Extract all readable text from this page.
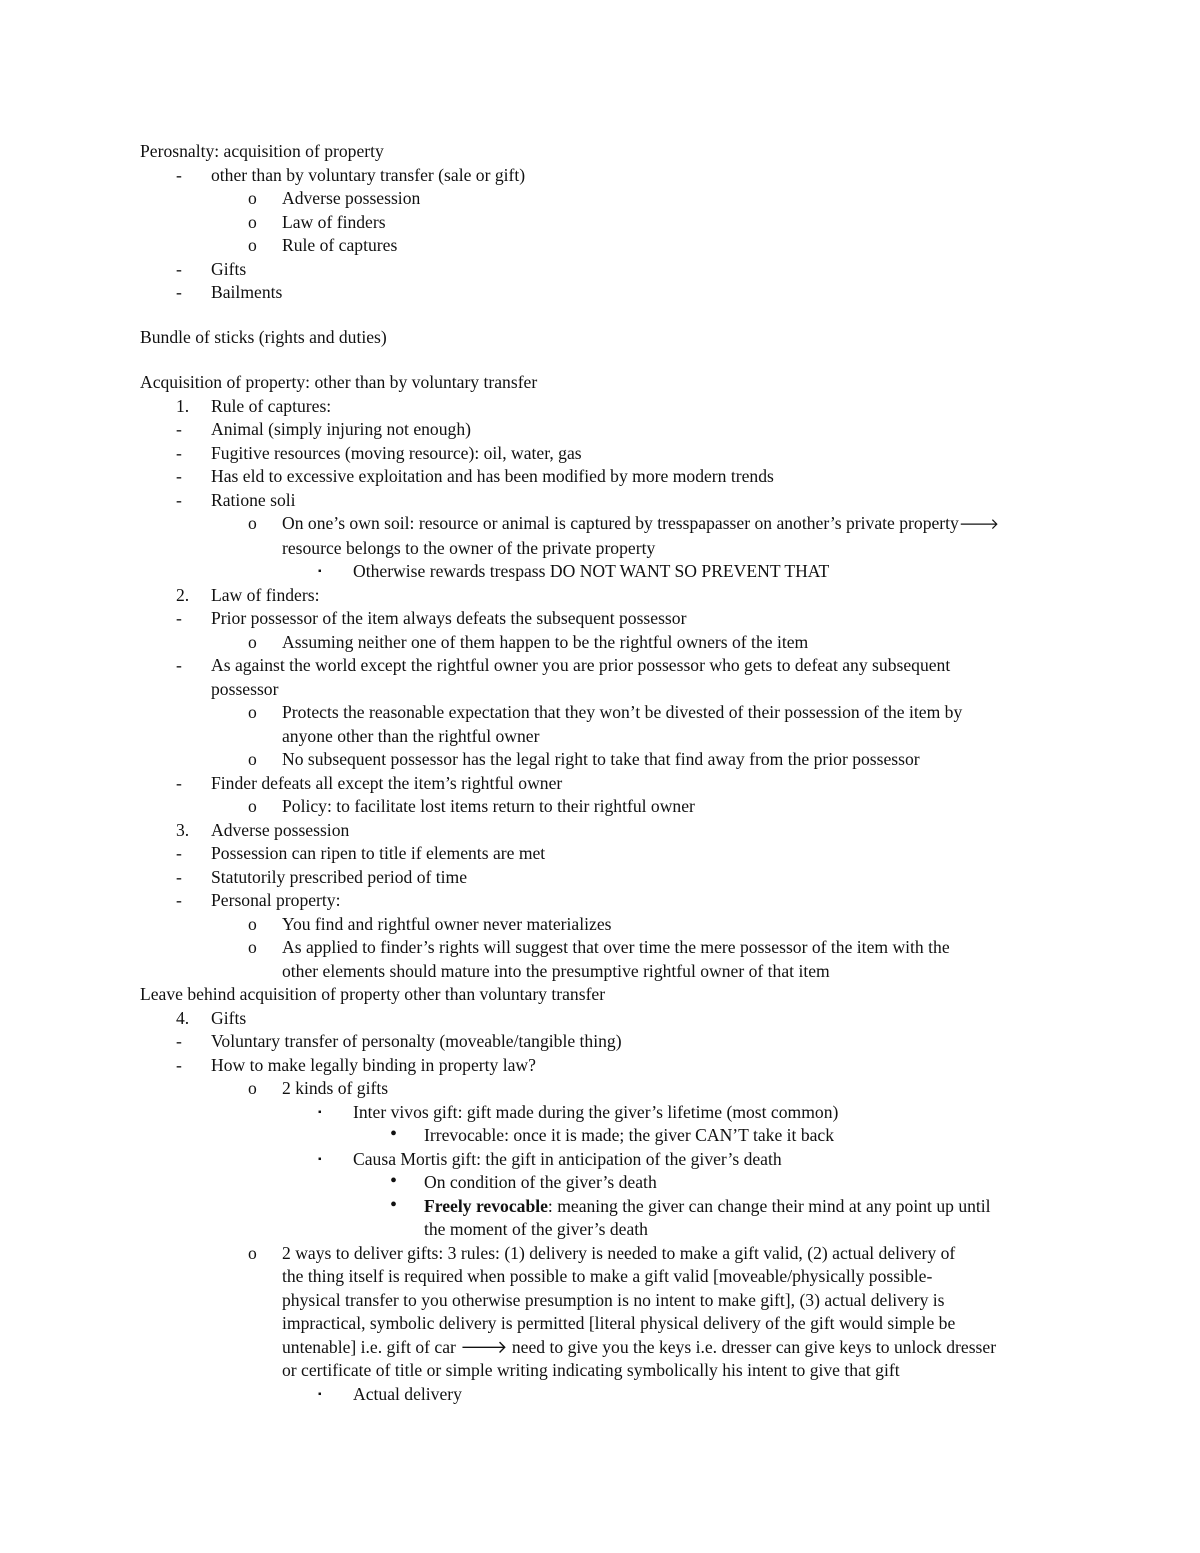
Perosnalty: acquisition of property
- other than by voluntary transfer (sale or gift)
o Adverse possession
o Law of finders
o Rule of captures
- Gifts
- Bailments
Bundle of sticks (rights and duties)
Acquisition of property: other than by voluntary transfer
1. Rule of captures:
- Animal (simply injuring not enough)
- Fugitive resources (moving resource): oil, water, gas
- Has eld to excessive exploitation and has been modified by more modern trends
- Ratione soli
o On one’s own soil: resource or animal is captured by tresspapasser on another’s private property🡒
resource belongs to the owner of the private property
▪ Otherwise rewards trespass DO NOT WANT SO PREVENT THAT
2. Law of finders:
- Prior possessor of the item always defeats the subsequent possessor
o Assuming neither one of them happen to be the rightful owners of the item
- As against the world except the rightful owner you are prior possessor who gets to defeat any subsequent
possessor
o Protects the reasonable expectation that they won’t be divested of their possession of the item by
anyone other than the rightful owner
o No subsequent possessor has the legal right to take that find away from the prior possessor
- Finder defeats all except the item’s rightful owner
o Policy: to facilitate lost items return to their rightful owner
3. Adverse possession
- Possession can ripen to title if elements are met
- Statutorily prescribed period of time
- Personal property:
o You find and rightful owner never materializes
o As applied to finder’s rights will suggest that over time the mere possessor of the item with the
other elements should mature into the presumptive rightful owner of that item
Leave behind acquisition of property other than voluntary transfer
4. Gifts
- Voluntary transfer of personalty (moveable/tangible thing)
- How to make legally binding in property law?
o 2 kinds of gifts
▪ Inter vivos gift: gift made during the giver’s lifetime (most common)
• Irrevocable: once it is made; the giver CAN’T take it back
▪ Causa Mortis gift: the gift in anticipation of the giver’s death
• On condition of the giver’s death
• Freely revocable: meaning the giver can change their mind at any point up until
the moment of the giver’s death
o 2 ways to deliver gifts: 3 rules: (1) delivery is needed to make a gift valid, (2) actual delivery of
the thing itself is required when possible to make a gift valid [moveable/physically possible-
physical transfer to you otherwise presumption is no intent to make gift], (3) actual delivery is
impractical, symbolic delivery is permitted [literal physical delivery of the gift would simple be
untenable] i.e. gift of car 🡒 need to give you the keys i.e. dresser can give keys to unlock dresser
or certificate of title or simple writing indicating symbolically his intent to give that gift
▪ Actual delivery
